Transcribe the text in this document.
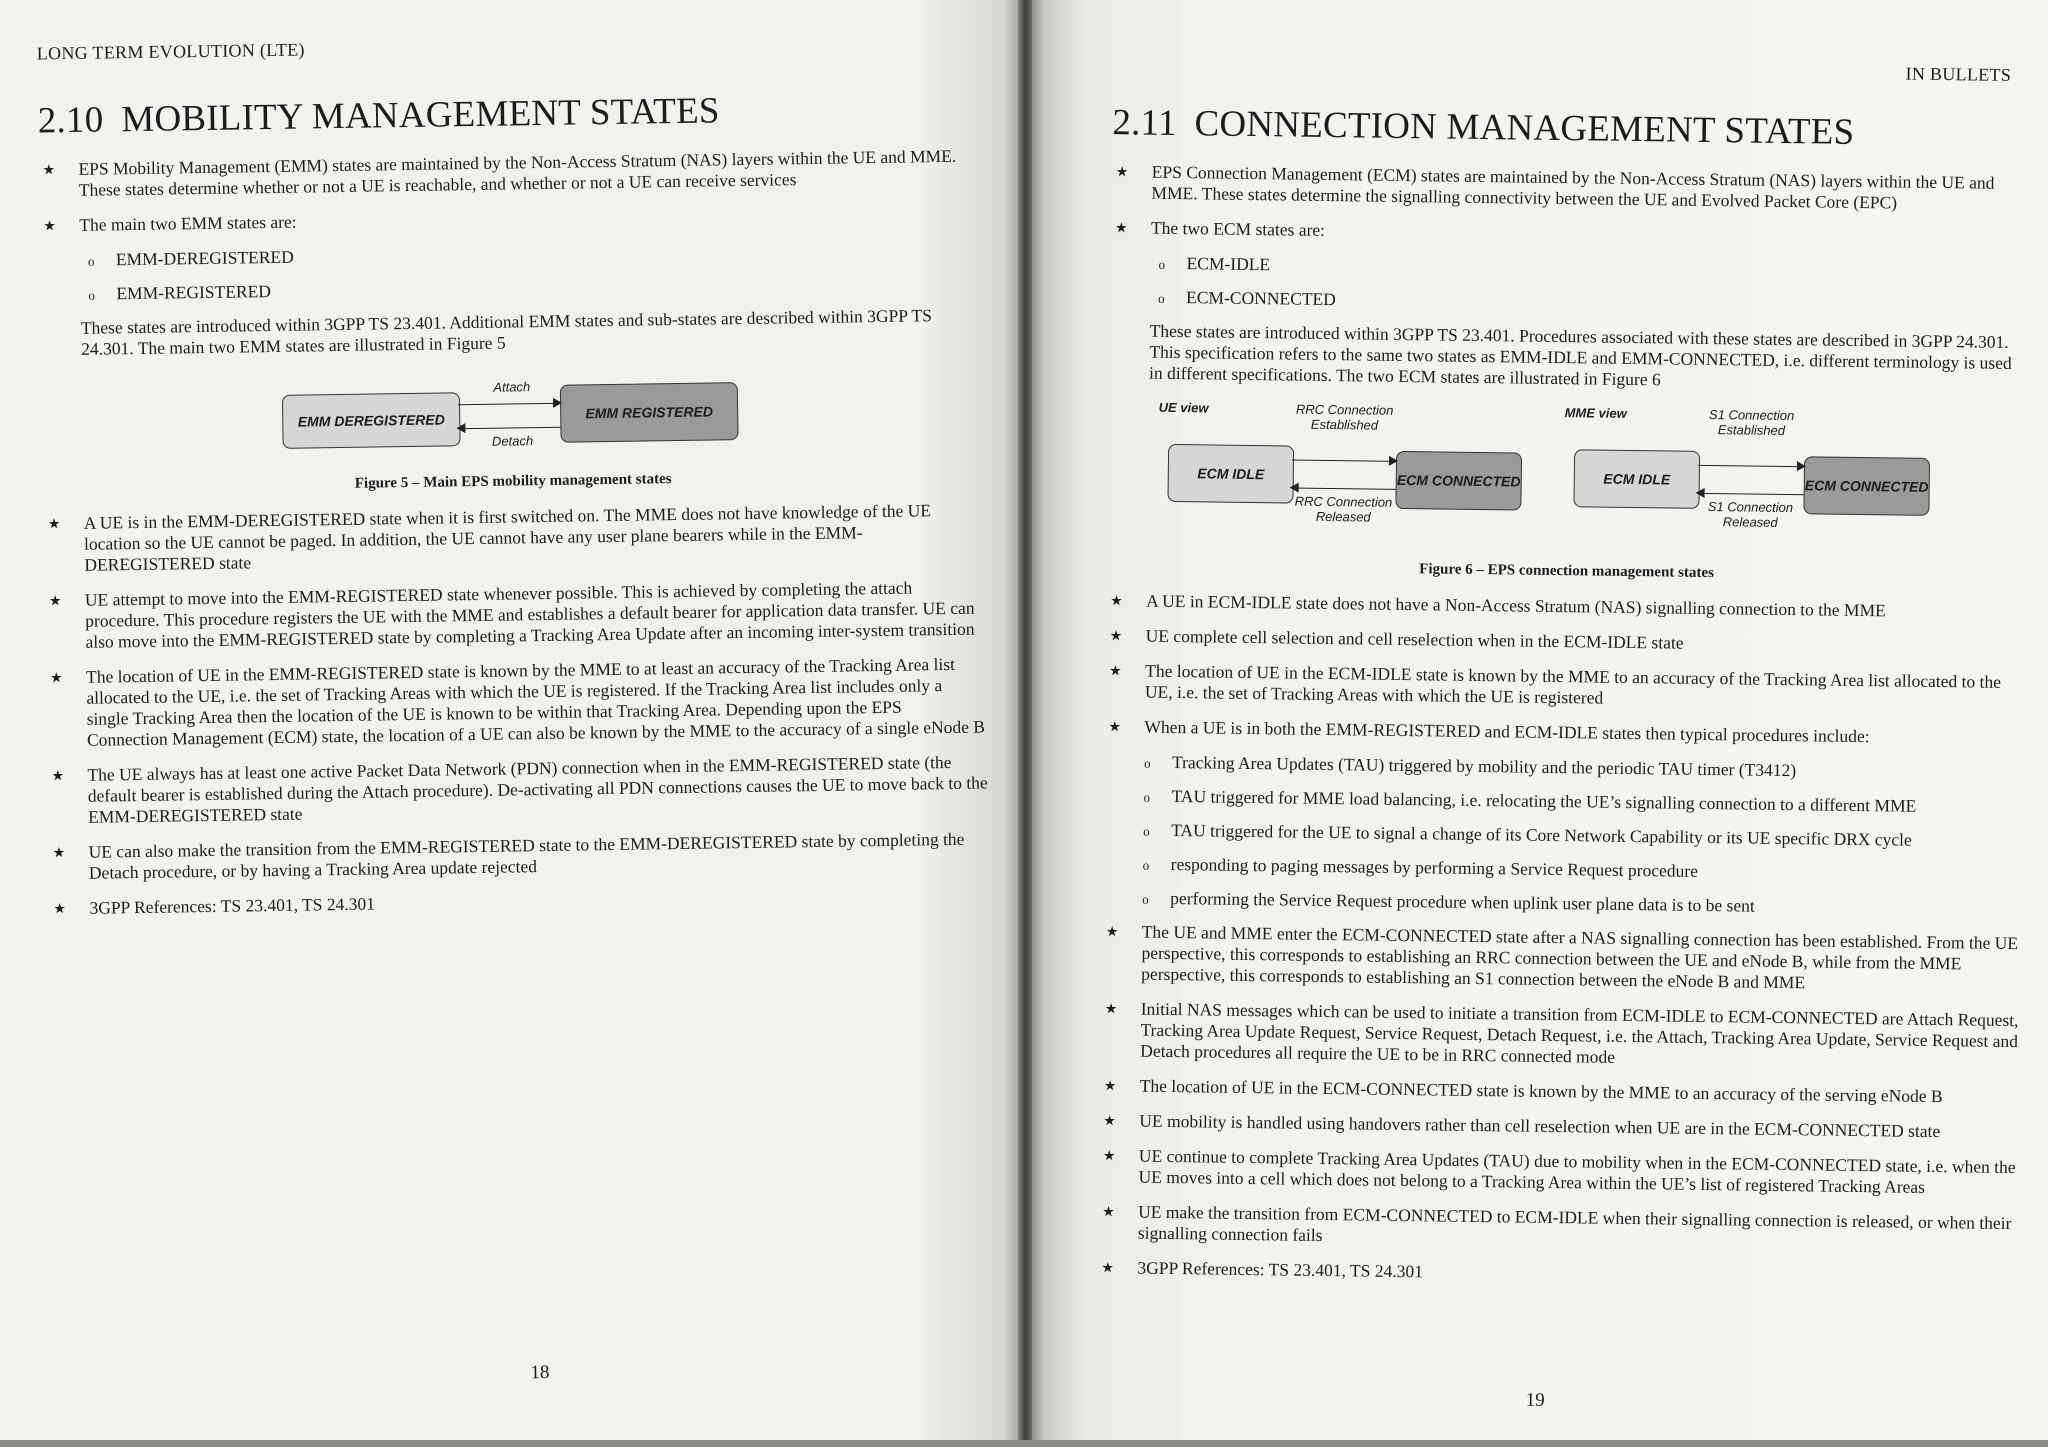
LONG TERM EVOLUTION (LTE)
2.10 MOBILITY MANAGEMENT STATES
★ EPS Mobility Management (EMM) states are maintained by the Non-Access Stratum (NAS) layers within the UE and MME. These states determine whether or not a UE is reachable, and whether or not a UE can receive services
★ The main two EMM states are:
o EMM-DEREGISTERED
o EMM-REGISTERED
These states are introduced within 3GPP TS 23.401. Additional EMM states and sub-states are described within 3GPP TS 24.301. The main two EMM states are illustrated in Figure 5
EMM DEREGISTERED	EMM REGISTERED
Attach
Detach
Figure 5 – Main EPS mobility management states
★ A UE is in the EMM-DEREGISTERED state when it is first switched on. The MME does not have knowledge of the UE location so the UE cannot be paged. In addition, the UE cannot have any user plane bearers while in the EMM-DEREGISTERED state
★ UE attempt to move into the EMM-REGISTERED state whenever possible. This is achieved by completing the attach procedure. This procedure registers the UE with the MME and establishes a default bearer for application data transfer. UE can also move into the EMM-REGISTERED state by completing a Tracking Area Update after an incoming inter-system transition
★ The location of UE in the EMM-REGISTERED state is known by the MME to at least an accuracy of the Tracking Area list allocated to the UE, i.e. the set of Tracking Areas with which the UE is registered. If the Tracking Area list includes only a single Tracking Area then the location of the UE is known to be within that Tracking Area. Depending upon the EPS Connection Management (ECM) state, the location of a UE can also be known by the MME to the accuracy of a single eNode B
★ The UE always has at least one active Packet Data Network (PDN) connection when in the EMM-REGISTERED state (the default bearer is established during the Attach procedure). De-activating all PDN connections causes the UE to move back to the EMM-DEREGISTERED state
★ UE can also make the transition from the EMM-REGISTERED state to the EMM-DEREGISTERED state by completing the Detach procedure, or by having a Tracking Area update rejected
★ 3GPP References: TS 23.401, TS 24.301
18
IN BULLETS
2.11 CONNECTION MANAGEMENT STATES
★ EPS Connection Management (ECM) states are maintained by the Non-Access Stratum (NAS) layers within the UE and MME. These states determine the signalling connectivity between the UE and Evolved Packet Core (EPC)
★ The two ECM states are:
o ECM-IDLE
o ECM-CONNECTED
These states are introduced within 3GPP TS 23.401. Procedures associated with these states are described in 3GPP 24.301. This specification refers to the same two states as EMM-IDLE and EMM-CONNECTED, i.e. different terminology is used in different specifications. The two ECM states are illustrated in Figure 6
UE view
ECM IDLE	ECM CONNECTED
RRC Connection Established
RRC Connection Released
MME view
ECM IDLE	ECM CONNECTED
S1 Connection Established
S1 Connection Released
Figure 6 – EPS connection management states
★ A UE in ECM-IDLE state does not have a Non-Access Stratum (NAS) signalling connection to the MME
★ UE complete cell selection and cell reselection when in the ECM-IDLE state
★ The location of UE in the ECM-IDLE state is known by the MME to an accuracy of the Tracking Area list allocated to the UE, i.e. the set of Tracking Areas with which the UE is registered
★ When a UE is in both the EMM-REGISTERED and ECM-IDLE states then typical procedures include:
o Tracking Area Updates (TAU) triggered by mobility and the periodic TAU timer (T3412)
o TAU triggered for MME load balancing, i.e. relocating the UE’s signalling connection to a different MME
o TAU triggered for the UE to signal a change of its Core Network Capability or its UE specific DRX cycle
o responding to paging messages by performing a Service Request procedure
o performing the Service Request procedure when uplink user plane data is to be sent
★ The UE and MME enter the ECM-CONNECTED state after a NAS signalling connection has been established. From the UE perspective, this corresponds to establishing an RRC connection between the UE and eNode B, while from the MME perspective, this corresponds to establishing an S1 connection between the eNode B and MME
★ Initial NAS messages which can be used to initiate a transition from ECM-IDLE to ECM-CONNECTED are Attach Request, Tracking Area Update Request, Service Request, Detach Request, i.e. the Attach, Tracking Area Update, Service Request and Detach procedures all require the UE to be in RRC connected mode
★ The location of UE in the ECM-CONNECTED state is known by the MME to an accuracy of the serving eNode B
★ UE mobility is handled using handovers rather than cell reselection when UE are in the ECM-CONNECTED state
★ UE continue to complete Tracking Area Updates (TAU) due to mobility when in the ECM-CONNECTED state, i.e. when the UE moves into a cell which does not belong to a Tracking Area within the UE’s list of registered Tracking Areas
★ UE make the transition from ECM-CONNECTED to ECM-IDLE when their signalling connection is released, or when their signalling connection fails
★ 3GPP References: TS 23.401, TS 24.301
19
